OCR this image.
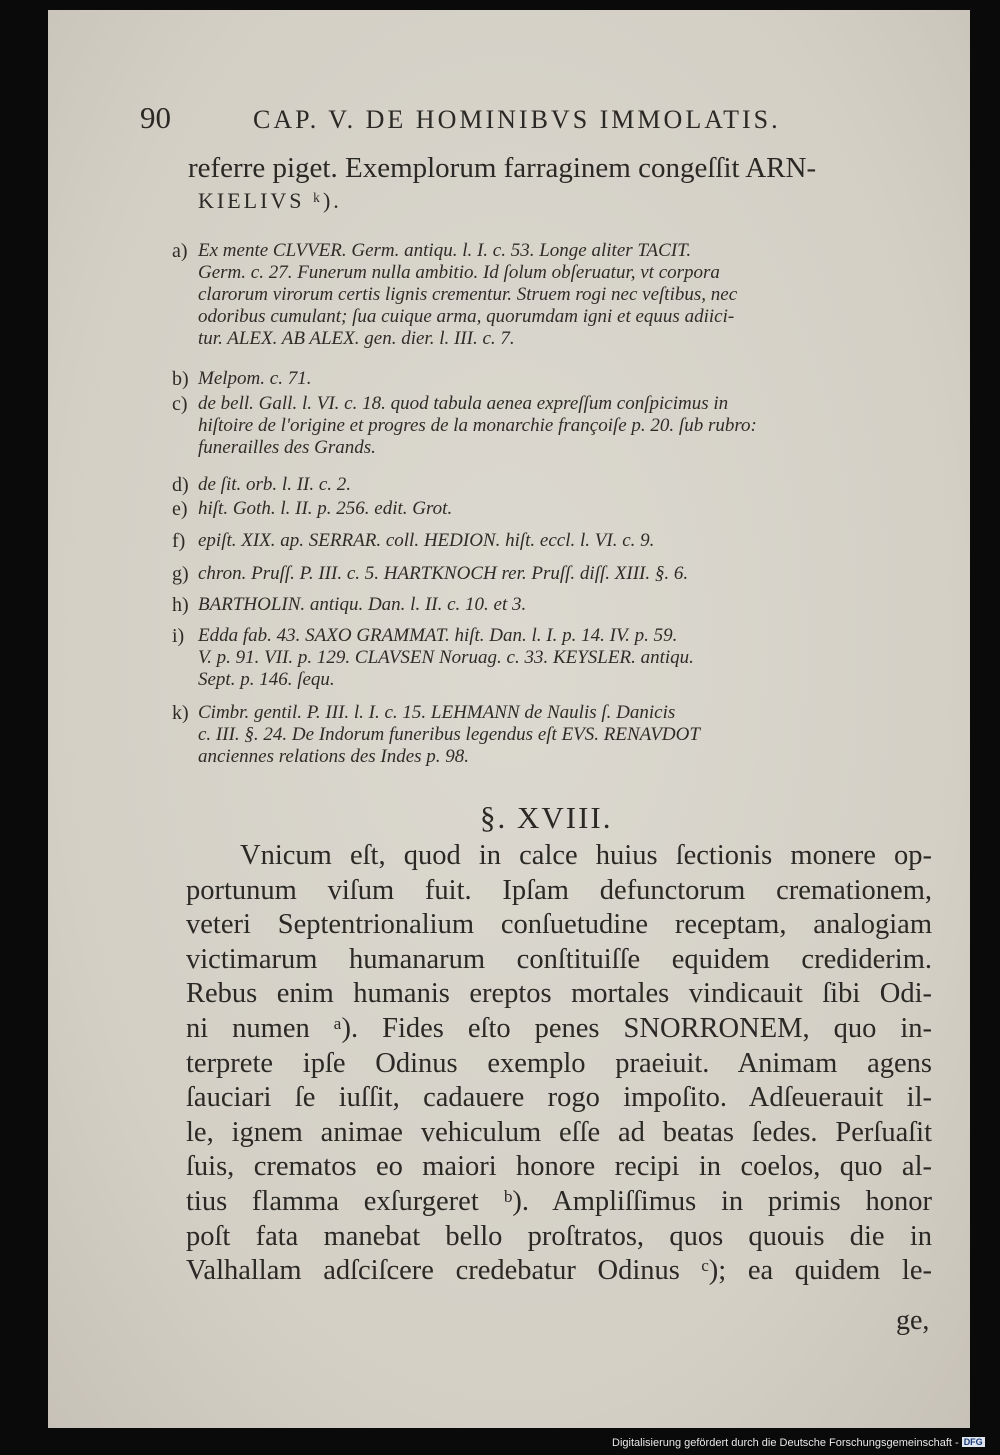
90	CAP. V. DE HOMINIBVS IMMOLATIS.
referre piget. Exemplorum farraginem congeſſit ARN-
KIELIVS ᵏ).
a) Ex mente CLVVER. Germ. antiqu. l. I. c. 53. Longe aliter TACIT.
Germ. c. 27. Funerum nulla ambitio. Id ſolum obſeruatur, vt corpora
clarorum virorum certis lignis crementur. Struem rogi nec veſtibus, nec
odoribus cumulant; ſua cuique arma, quorumdam igni et equus adiici-
tur. ALEX. AB ALEX. gen. dier. l. III. c. 7.
b) Melpom. c. 71.
c) de bell. Gall. l. VI. c. 18. quod tabula aenea expreſſum conſpicimus in
hiſtoire de l'origine et progres de la monarchie françoiſe p. 20. ſub rubro:
funerailles des Grands.
d) de ſit. orb. l. II. c. 2.
e) hiſt. Goth. l. II. p. 256. edit. Grot.
f) epiſt. XIX. ap. SERRAR. coll. HEDION. hiſt. eccl. l. VI. c. 9.
g) chron. Pruſſ. P. III. c. 5. HARTKNOCH rer. Pruſſ. diſſ. XIII. §. 6.
h) BARTHOLIN. antiqu. Dan. l. II. c. 10. et 3.
i) Edda fab. 43. SAXO GRAMMAT. hiſt. Dan. l. I. p. 14. IV. p. 59.
V. p. 91. VII. p. 129. CLAVSEN Noruag. c. 33. KEYSLER. antiqu.
Sept. p. 146. ſequ.
k) Cimbr. gentil. P. III. l. I. c. 15. LEHMANN de Naulis ſ. Danicis
c. III. §. 24. De Indorum funeribus legendus eſt EVS. RENAVDOT
anciennes relations des Indes p. 98.
§. XVIII.
Vnicum eſt, quod in calce huius ſectionis monere op-
portunum viſum fuit. Ipſam defunctorum cremationem,
veteri Septentrionalium conſuetudine receptam, analogiam
victimarum humanarum conſtituiſſe equidem crediderim.
Rebus enim humanis ereptos mortales vindicauit ſibi Odi-
ni numen ᵃ). Fides eſto penes SNORRONEM, quo in-
terprete ipſe Odinus exemplo praeiuit. Animam agens
ſauciari ſe iuſſit, cadauere rogo impoſito. Adſeuerauit il-
le, ignem animae vehiculum eſſe ad beatas ſedes. Perſuaſit
ſuis, crematos eo maiori honore recipi in coelos, quo al-
tius flamma exſurgeret ᵇ). Ampliſſimus in primis honor
poſt fata manebat bello proſtratos, quos quouis die in
Valhallam adſciſcere credebatur Odinus ᶜ); ea quidem le-
ge,
Digitalisierung gefördert durch die Deutsche Forschungsgemeinschaft - DFG
